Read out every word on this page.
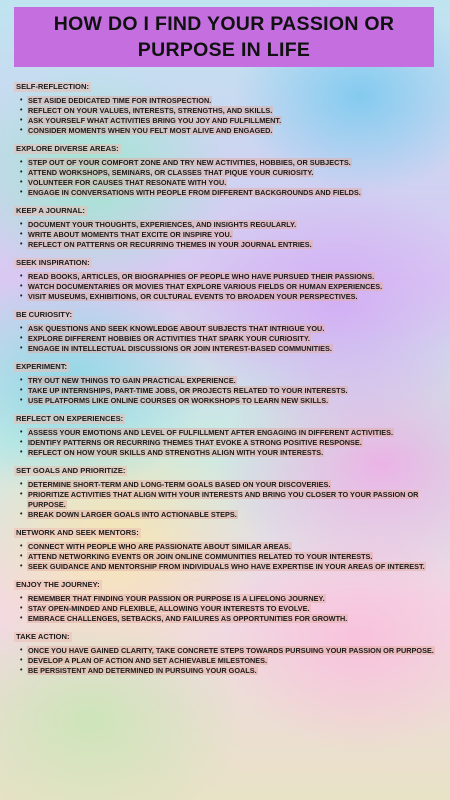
HOW DO I FIND YOUR PASSION OR PURPOSE IN LIFE
SELF-REFLECTION:
• SET ASIDE DEDICATED TIME FOR INTROSPECTION.
• REFLECT ON YOUR VALUES, INTERESTS, STRENGTHS, AND SKILLS.
• ASK YOURSELF WHAT ACTIVITIES BRING YOU JOY AND FULFILLMENT.
• CONSIDER MOMENTS WHEN YOU FELT MOST ALIVE AND ENGAGED.
EXPLORE DIVERSE AREAS:
• STEP OUT OF YOUR COMFORT ZONE AND TRY NEW ACTIVITIES, HOBBIES, OR SUBJECTS.
• ATTEND WORKSHOPS, SEMINARS, OR CLASSES THAT PIQUE YOUR CURIOSITY.
• VOLUNTEER FOR CAUSES THAT RESONATE WITH YOU.
• ENGAGE IN CONVERSATIONS WITH PEOPLE FROM DIFFERENT BACKGROUNDS AND FIELDS.
KEEP A JOURNAL:
• DOCUMENT YOUR THOUGHTS, EXPERIENCES, AND INSIGHTS REGULARLY.
• WRITE ABOUT MOMENTS THAT EXCITE OR INSPIRE YOU.
• REFLECT ON PATTERNS OR RECURRING THEMES IN YOUR JOURNAL ENTRIES.
SEEK INSPIRATION:
• READ BOOKS, ARTICLES, OR BIOGRAPHIES OF PEOPLE WHO HAVE PURSUED THEIR PASSIONS.
• WATCH DOCUMENTARIES OR MOVIES THAT EXPLORE VARIOUS FIELDS OR HUMAN EXPERIENCES.
• VISIT MUSEUMS, EXHIBITIONS, OR CULTURAL EVENTS TO BROADEN YOUR PERSPECTIVES.
BE CURIOSITY:
• ASK QUESTIONS AND SEEK KNOWLEDGE ABOUT SUBJECTS THAT INTRIGUE YOU.
• EXPLORE DIFFERENT HOBBIES OR ACTIVITIES THAT SPARK YOUR CURIOSITY.
• ENGAGE IN INTELLECTUAL DISCUSSIONS OR JOIN INTEREST-BASED COMMUNITIES.
EXPERIMENT:
• TRY OUT NEW THINGS TO GAIN PRACTICAL EXPERIENCE.
• TAKE UP INTERNSHIPS, PART-TIME JOBS, OR PROJECTS RELATED TO YOUR INTERESTS.
• USE PLATFORMS LIKE ONLINE COURSES OR WORKSHOPS TO LEARN NEW SKILLS.
REFLECT ON EXPERIENCES:
• ASSESS YOUR EMOTIONS AND LEVEL OF FULFILLMENT AFTER ENGAGING IN DIFFERENT ACTIVITIES.
• IDENTIFY PATTERNS OR RECURRING THEMES THAT EVOKE A STRONG POSITIVE RESPONSE.
• REFLECT ON HOW YOUR SKILLS AND STRENGTHS ALIGN WITH YOUR INTERESTS.
SET GOALS AND PRIORITIZE:
• DETERMINE SHORT-TERM AND LONG-TERM GOALS BASED ON YOUR DISCOVERIES.
• PRIORITIZE ACTIVITIES THAT ALIGN WITH YOUR INTERESTS AND BRING YOU CLOSER TO YOUR PASSION OR PURPOSE.
• BREAK DOWN LARGER GOALS INTO ACTIONABLE STEPS.
NETWORK AND SEEK MENTORS:
• CONNECT WITH PEOPLE WHO ARE PASSIONATE ABOUT SIMILAR AREAS.
• ATTEND NETWORKING EVENTS OR JOIN ONLINE COMMUNITIES RELATED TO YOUR INTERESTS.
• SEEK GUIDANCE AND MENTORSHIP FROM INDIVIDUALS WHO HAVE EXPERTISE IN YOUR AREAS OF INTEREST.
ENJOY THE JOURNEY:
• REMEMBER THAT FINDING YOUR PASSION OR PURPOSE IS A LIFELONG JOURNEY.
• STAY OPEN-MINDED AND FLEXIBLE, ALLOWING YOUR INTERESTS TO EVOLVE.
• EMBRACE CHALLENGES, SETBACKS, AND FAILURES AS OPPORTUNITIES FOR GROWTH.
TAKE ACTION:
• ONCE YOU HAVE GAINED CLARITY, TAKE CONCRETE STEPS TOWARDS PURSUING YOUR PASSION OR PURPOSE.
• DEVELOP A PLAN OF ACTION AND SET ACHIEVABLE MILESTONES.
• BE PERSISTENT AND DETERMINED IN PURSUING YOUR GOALS.
